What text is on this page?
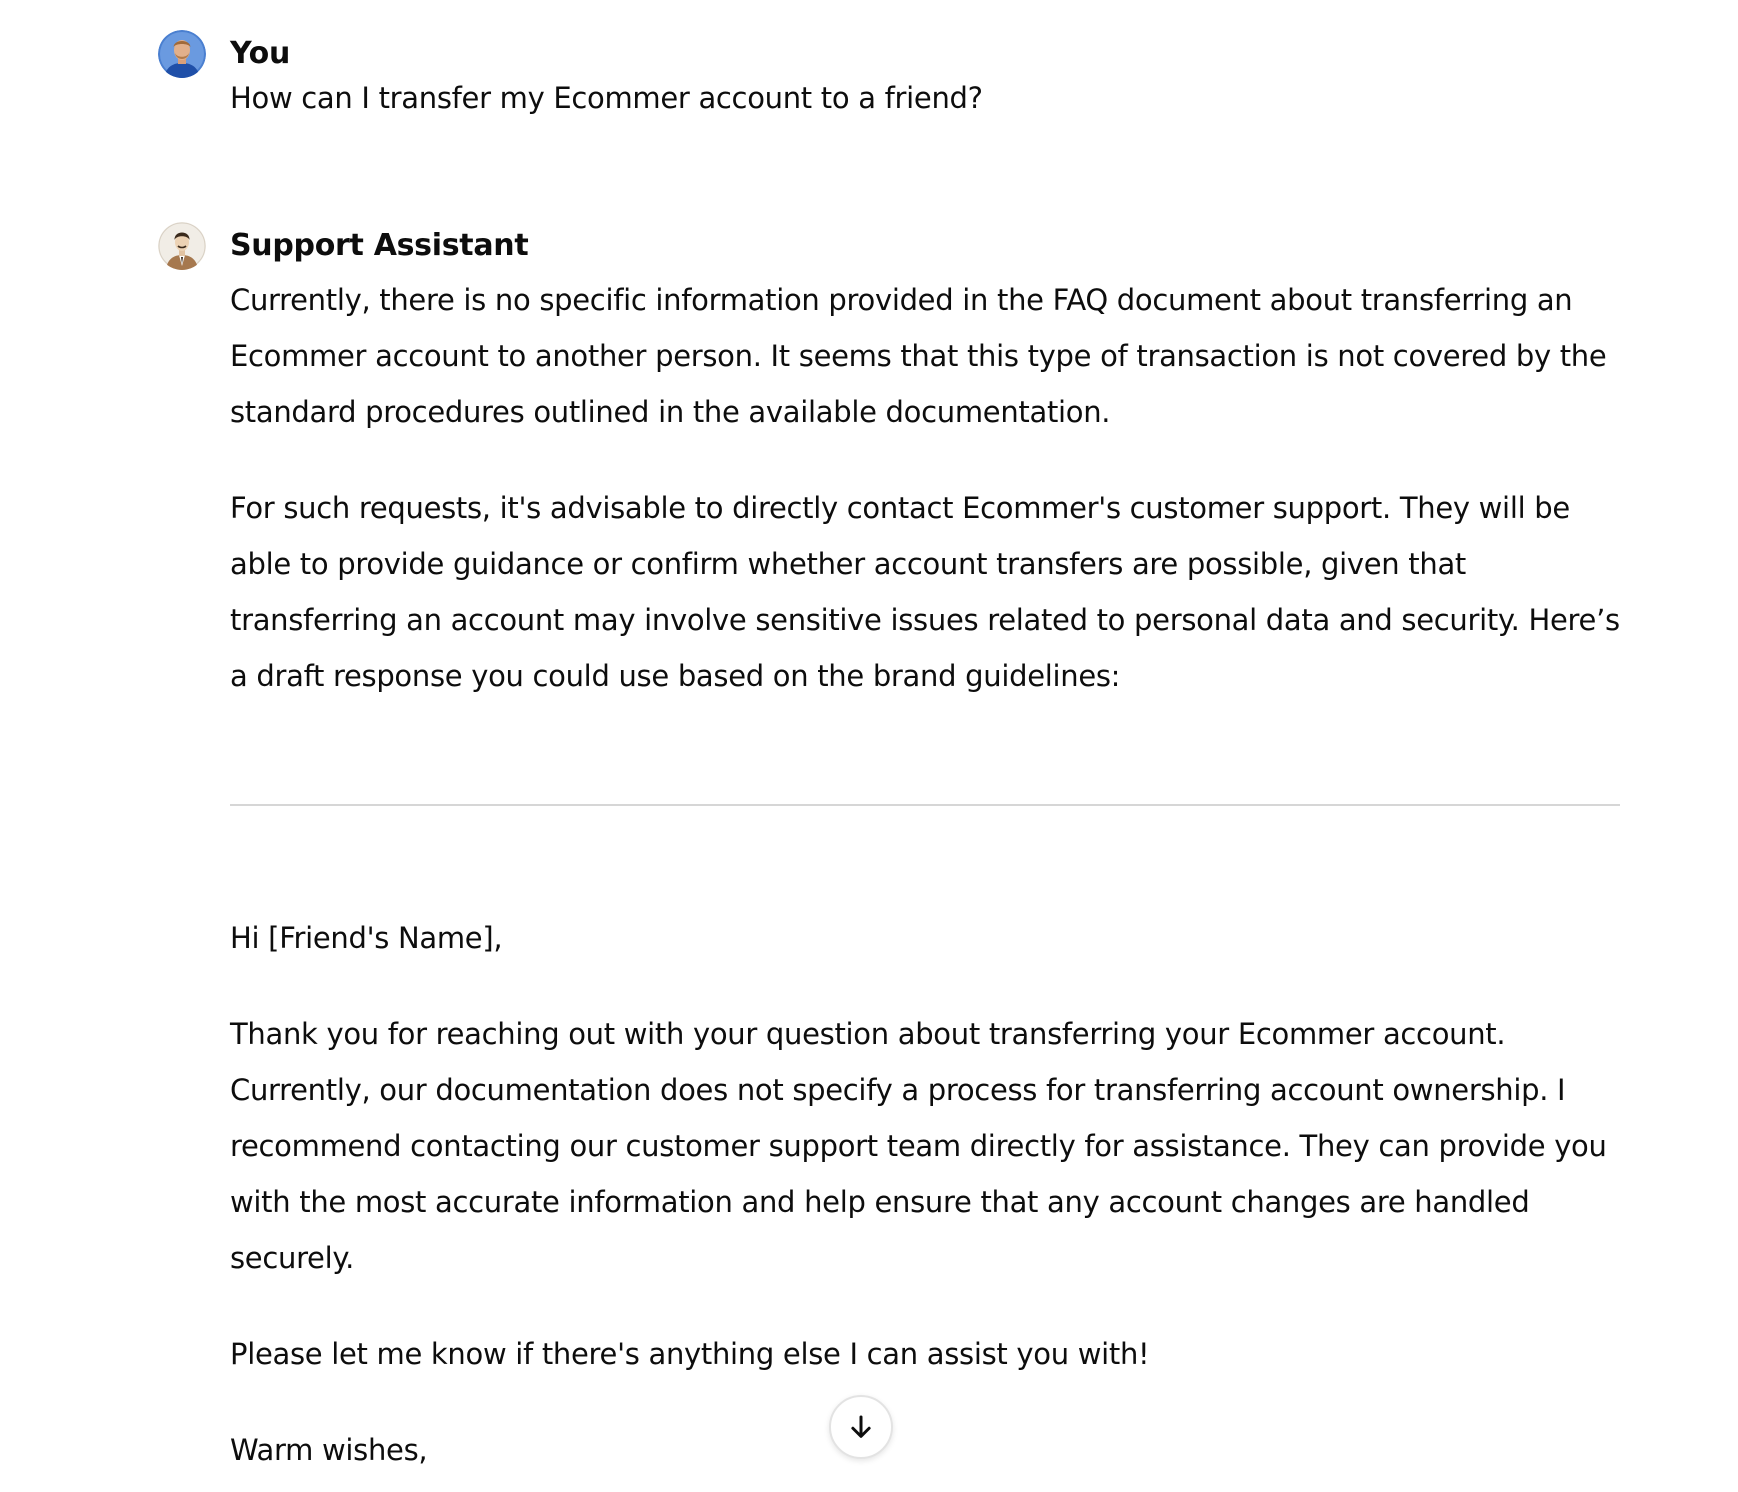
You

How can I transfer my Ecommer account to a friend?

Support Assistant

Currently, there is no specific information provided in the FAQ document about transferring an Ecommer account to another person. It seems that this type of transaction is not covered by the standard procedures outlined in the available documentation.

For such requests, it's advisable to directly contact Ecommer's customer support. They will be able to provide guidance or confirm whether account transfers are possible, given that transferring an account may involve sensitive issues related to personal data and security. Here’s a draft response you could use based on the brand guidelines:

Hi [Friend's Name],

Thank you for reaching out with your question about transferring your Ecommer account. Currently, our documentation does not specify a process for transferring account ownership. I recommend contacting our customer support team directly for assistance. They can provide you with the most accurate information and help ensure that any account changes are handled securely.

Please let me know if there's anything else I can assist you with!

Warm wishes,
